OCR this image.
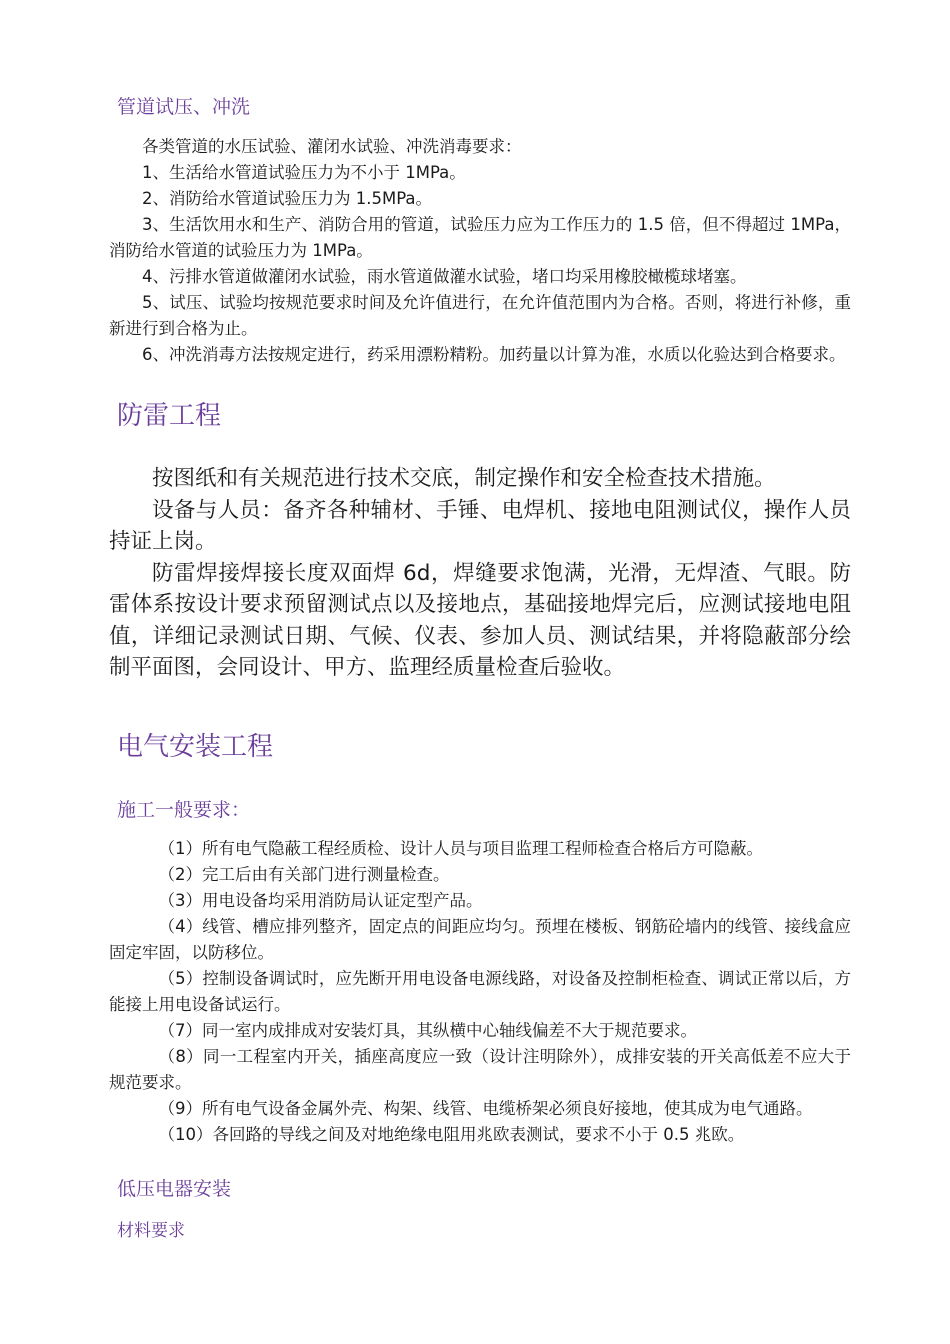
管道试压、冲洗

各类管道的水压试验、灌闭水试验、冲洗消毒要求：

1、生活给水管道试验压力为不小于 1MPa。

2、消防给水管道试验压力为 1.5MPa。

3、生活饮用水和生产、消防合用的管道，试验压力应为工作压力的 1.5 倍，但不得超过 1MPa，消防给水管道的试验压力为 1MPa。

4、污排水管道做灌闭水试验，雨水管道做灌水试验，堵口均采用橡胶橄榄球堵塞。

5、试压、试验均按规范要求时间及允许值进行，在允许值范围内为合格。否则，将进行补修，重新进行到合格为止。

6、冲洗消毒方法按规定进行，药采用漂粉精粉。加药量以计算为准，水质以化验达到合格要求。

防雷工程

按图纸和有关规范进行技术交底，制定操作和安全检查技术措施。

设备与人员：备齐各种辅材、手锤、电焊机、接地电阻测试仪，操作人员持证上岗。

防雷焊接焊接长度双面焊 6d，焊缝要求饱满，光滑，无焊渣、气眼。防雷体系按设计要求预留测试点以及接地点，基础接地焊完后，应测试接地电阻值，详细记录测试日期、气候、仪表、参加人员、测试结果，并将隐蔽部分绘制平面图，会同设计、甲方、监理经质量检查后验收。

电气安装工程
施工一般要求：

（1）所有电气隐蔽工程经质检、设计人员与项目监理工程师检查合格后方可隐蔽。

（2）完工后由有关部门进行测量检查。

（3）用电设备均采用消防局认证定型产品。

（4）线管、槽应排列整齐，固定点的间距应均匀。预埋在楼板、钢筋砼墙内的线管、接线盒应固定牢固，以防移位。

（5）控制设备调试时，应先断开用电设备电源线路，对设备及控制柜检查、调试正常以后，方能接上用电设备试运行。

（7）同一室内成排成对安装灯具，其纵横中心轴线偏差不大于规范要求。

（8）同一工程室内开关，插座高度应一致（设计注明除外），成排安装的开关高低差不应大于规范要求。

（9）所有电气设备金属外壳、构架、线管、电缆桥架必须良好接地，使其成为电气通路。

（10）各回路的导线之间及对地绝缘电阻用兆欧表测试，要求不小于 0.5 兆欧。

低压电器安装
材料要求
